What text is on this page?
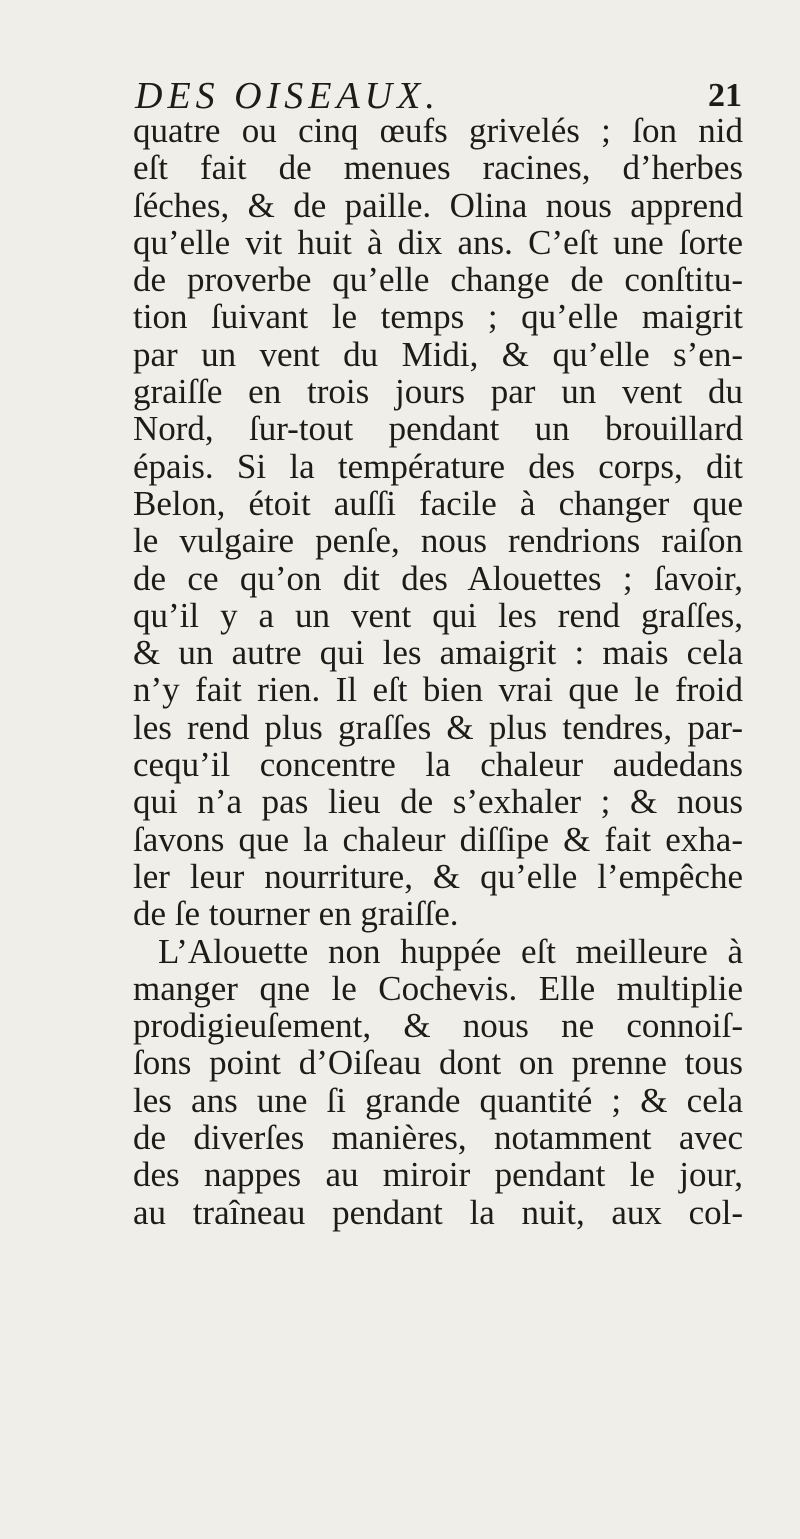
DES OISEAUX.	21
quatre ou cinq œufs grivelés ; ſon nid
eſt fait de menues racines, d’herbes
ſéches, & de paille. Olina nous apprend
qu’elle vit huit à dix ans. C’eſt une ſorte
de proverbe qu’elle change de conſtitu-
tion ſuivant le temps ; qu’elle maigrit
par un vent du Midi, & qu’elle s’en-
graiſſe en trois jours par un vent du
Nord, ſur-tout pendant un brouillard
épais. Si la température des corps, dit
Belon, étoit auſſi facile à changer que
le vulgaire penſe, nous rendrions raiſon
de ce qu’on dit des Alouettes ; ſavoir,
qu’il y a un vent qui les rend graſſes,
& un autre qui les amaigrit : mais cela
n’y fait rien. Il eſt bien vrai que le froid
les rend plus graſſes & plus tendres, par-
cequ’il concentre la chaleur audedans
qui n’a pas lieu de s’exhaler ; & nous
ſavons que la chaleur diſſipe & fait exha-
ler leur nourriture, & qu’elle l’empêche
de ſe tourner en graiſſe.
L’Alouette non huppée eſt meilleure à
manger qne le Cochevis. Elle multiplie
prodigieuſement, & nous ne connoiſ-
ſons point d’Oiſeau dont on prenne tous
les ans une ſi grande quantité ; & cela
de diverſes manières, notamment avec
des nappes au miroir pendant le jour,
au traîneau pendant la nuit, aux col-
